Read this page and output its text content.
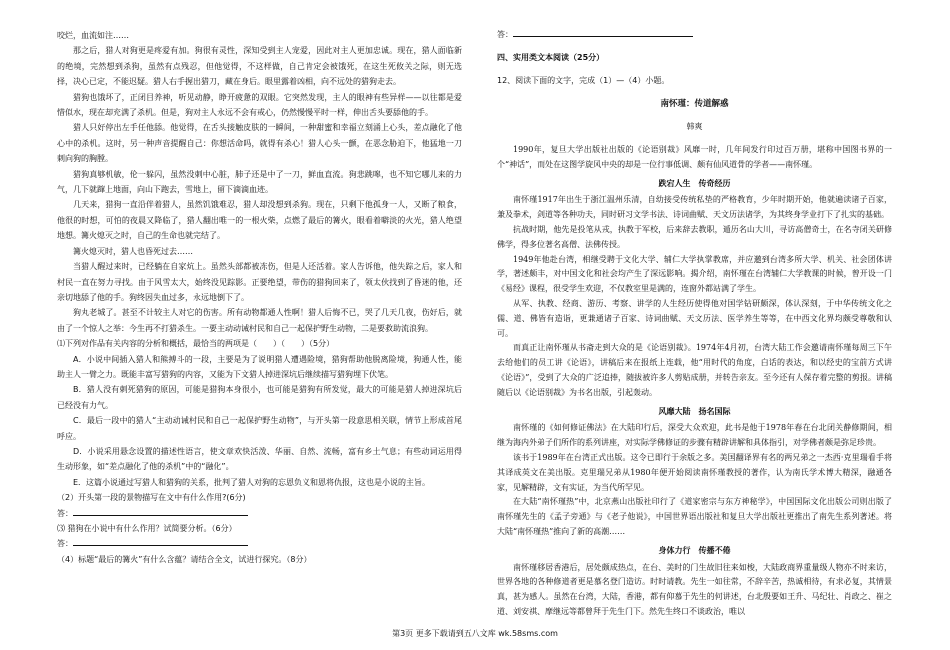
咬烂，血流如注……

那之后，猎人对狗更是疼爱有加。狗很有灵性，深知受到主人宠爱，因此对主人更加忠诚。现在，猎人面临新的绝境，完然想到杀狗，虽然有点残忍，但他觉得，不这样做，自己肯定会被饿死，在这生死攸关之际，则无选择，决心已定，不能迟疑。猎人右手握出猎刀，藏在身后。眼里露着凶相，向不远处的猎狗走去。

猎狗也饿坏了，正闭目养神，听见动静，睁开疲惫的双眼。它突然发现，主人的眼神有些异样——以往都是爱惜似水，现在却充满了杀机。但是，狗对主人永远不会有戒心，仍然慢慢平时一样，伸出舌头要舔他的手。

猎人只好停出左手任他舔。他觉得，在舌头接触皮肤的一瞬间，一种甜蜜和幸福立刻涌上心头，差点融化了他心中的杀机。这时，另一种声音提醒自己：你想活命吗，就得有杀心！猎人心头一颤，在恶念胁迫下，他猛地一刀刺向狗的胸膛。

猎狗真够机敏，伦一躲闪，虽然没刺中心脏，肺子还是中了一刀，鲜血直流。狗悲跳嗥，也不知它哪儿来的力气，几下就蹿上地面，向山下跑去，雪地上，留下滴滴血迹。

几天来，猎狗一直沿伴着猎人，虽然饥饿难忍，猎人却没想到杀狗。现在，只剩下他孤身一人，又断了粮食，他很的时想，可怕的夜晨又降临了，猎人翻出唯一的一根火柴，点燃了最后的篝火，眼看着噼淡的火光，猎人绝望地想。篝火熄灭之时，自己的生命也就完结了。

篝火熄灭时，猎人也昏死过去……

当猎人醒过来时，已经躺在自家炕上。虽然头部都被冻伤，但是人还活着。家人告诉他，他失踪之后，家人和村民一直在努力寻找。由于风雪太大，始终没见踪影。正要绝望，带伤的猎狗回来了，领太伙找到了昏迷的他，还亲切地舔了他的手。狗终因失血过多，永远地倒下了。

狗丸老城了。甚至不计较主人对它的伤害。所有动物都通人性啊！猎人后悔不已，哭了几天几夜，伤好后，就由了一个惊人之举：今生再不打猎杀生。一要主动动诫村民和自己一起保护野生动物，二是要救助流浪狗。

⑴下列对作品有关内容的分析和概括，最恰当的两项是（　　）（　　）（5分）

A．小说中间插入猎人和熊搏斗的一段，主要是为了说明猎人遭遇险境，猎狗帮助他脱离险境，狗通人性，能助主人一臂之力。既能丰富写猎狗的内容，又能为下文猎人掉进深坑后继续描写猎狗埋下伏笔。

B．猎人没有刺死猎狗的原因，可能是猎狗本身很小，也可能是猎狗有所发觉，最大的可能是猎人掉进深坑后已经没有力气。

C．最后一段中的猎人“主动动诫村民和自己一起保护野生动物”，与开头第一段意思相关联，情节上形成首尾呼应。

D．小说采用悬念设置的描述性语言，使文章欢快活泼、华丽、自然、流畅，富有乡土气息；有些动词运用得生动形象，如“差点融化了他的杀机”中的“融化”。

E．这篇小说通过写猎人和猎狗的关系，批判了猎人对狗的忘恩负义和恩将仇报，这也是小说的主旨。

（2）开头第一段的景物描写在文中有什么作用?(6分)

答：

⑶ 猎狗在小说中有什么作用？试简要分析。（6分）

答：

（4）标题“最后的篝火”有什么含蕴？请结合全文，试进行探究。（8分）

答：

四、实用类文本阅读（25分）

12、阅读下面的文字，完成（1）—（4）小题。

南怀瑾：传道解惑

韩爽

1990年，复旦大学出版社出版的《论语别裁》风靡一时，几年间发行印过百万册，堪称中国图书界的一个“神话”，而处在这图学旋风中央的却是一位行事低调、颇有仙风道骨的学者——南怀瑾。

跌宕人生　传奇经历

南怀瑾1917年出生于浙江温州乐清，自幼接受传统私垫的严格教育，少年时期开始，他就遍读诸子百家，兼及拳术，剑道等各种功夫，同时研习文学书法、诗词曲赋、天文历法诸学，为其终身学业打下了扎实的基础。

抗战时期，他先是投笔从戎，执教于军校，后来辞去教职，遁历名山大川，寻访高僧奇士，在名寺闭关研修佛学，得多位著名高僧、法佛传授。

1949年他赴台湾，相继受聘于文化大学、辅仁大学执掌教席，并应邀到台湾多所大学、机关、社会团体讲学，著述颇丰，对中国文化和社会均产生了深远影响。揭介绍，南怀瑾在台湾辅仁大学教课的时候，曾开设一门《易经》课程，很受学生欢迎，不仅教室里是满的，连窗外都站满了学生。

从军、执教、经商、游历、考察、讲学的人生经历使得他对国学钻研颇深，体认深刻，于中华传统文化之儒、道、佛皆有造诣，更兼通诸子百家、诗词曲赋、天文历法、医学养生等等，在中西文化界均颇受尊敬和认可。

而真正让南怀瑾从书斋走到大众的是《论语别裁》。1974年4月初，台湾大陆工作会邀请南怀瑾每周三下午去给他们的员工讲《论语》，讲稿后来在报纸上连载，他“用时代的角度，白话的表达，和以经史的宝前方式讲《论语》”，受到了大众的广泛追捧，随拔被许多人剪贴成册，并转告亲友。至今还有人保存着完整的剪报。讲稿随后以《论语别裁》为书名出版，引起轰动。

风靡大陆　扬名国际

南怀瑾的《如何修证佛法》在大陆印行后，深受大众欢迎，此书是他于1978年春在台北闭关静修期间，相继为海内外弟子们所作的系列讲座，对实际学佛修证的步骤有精辟讲解和具体指引，对学佛者颇是弥足珍贵。

该书于1989年在台湾正式出版。这令已即行于余版之多。美国翻译界有名的两兄弟之一杰西·克里瑞看手将其译成英文在美出版。克里瑞兄弟从1980年便开始阅读南怀瑾教授的著作，认为南氏学术博大精深，融通各家，见解精辟，文有实证，为当代所罕见。

在大陆“南怀瑾热”中，北京燕山出版社印行了《道家密宗与东方神秘学》，中国国际文化出版公司则出版了南怀瑾先生的《孟子旁通》与《老子他说》，中国世界语出版社和复旦大学出版社更推出了南先生系列著述。将大陆“南怀瑾热”推向了新的高潮……

身体力行　传播不倦

南怀瑾移居香港后，居处颇成热点，在台、美时的门生故旧往来如梭，大陆政商界重量级人物亦不时来访，世界各地的各种修道者更是慕名登门造访。时时请教。先生一如往常，不辞辛苦，热诚相待，有求必复，其情景真，甚为感人。虽然在台湾，大陆，香港，都有仰慕于先生的何讲述，台北殷要如王升、马纪壮、肖政之、崔之道、刘安祺、摩继远等都曾拜于先生门下。然先生终口不谈政治，唯以

第3页 更多下载请到五八文库 wk.58sms.com
